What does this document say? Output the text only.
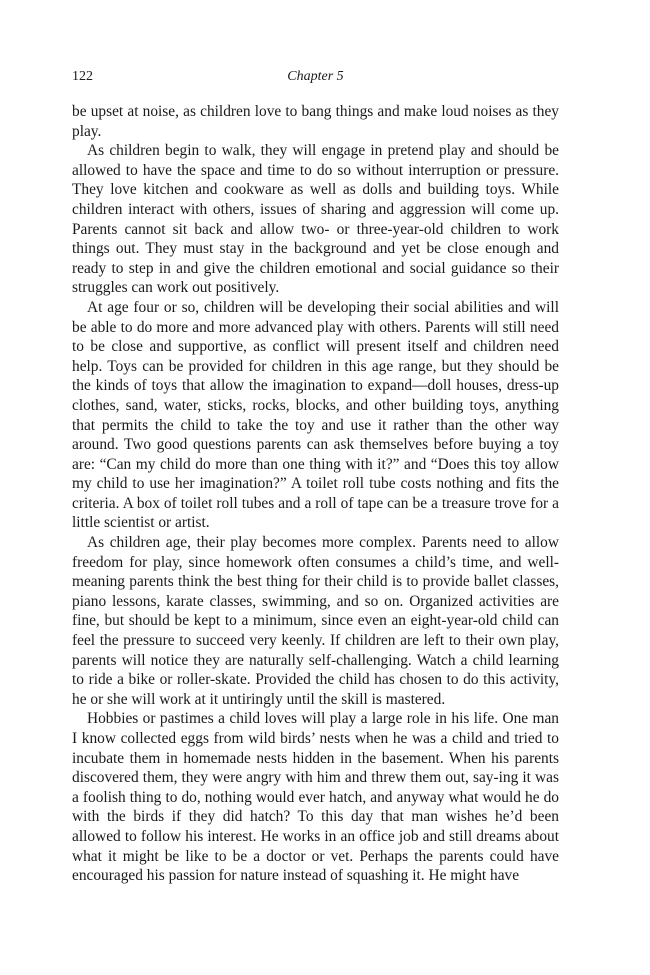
122	Chapter 5

be upset at noise, as children love to bang things and make loud noises as they play.

As children begin to walk, they will engage in pretend play and should be allowed to have the space and time to do so without interruption or pressure. They love kitchen and cookware as well as dolls and building toys. While children interact with others, issues of sharing and aggression will come up. Parents cannot sit back and allow two- or three-year-old children to work things out. They must stay in the background and yet be close enough and ready to step in and give the children emotional and social guidance so their struggles can work out positively.

At age four or so, children will be developing their social abilities and will be able to do more and more advanced play with others. Parents will still need to be close and supportive, as conflict will present itself and children need help. Toys can be provided for children in this age range, but they should be the kinds of toys that allow the imagination to expand—doll houses, dress-up clothes, sand, water, sticks, rocks, blocks, and other building toys, anything that permits the child to take the toy and use it rather than the other way around. Two good questions parents can ask themselves before buying a toy are: “Can my child do more than one thing with it?” and “Does this toy allow my child to use her imagination?” A toilet roll tube costs nothing and fits the criteria. A box of toilet roll tubes and a roll of tape can be a treasure trove for a little scientist or artist.

As children age, their play becomes more complex. Parents need to allow freedom for play, since homework often consumes a child’s time, and well-meaning parents think the best thing for their child is to provide ballet classes, piano lessons, karate classes, swimming, and so on. Organized activities are fine, but should be kept to a minimum, since even an eight-year-old child can feel the pressure to succeed very keenly. If children are left to their own play, parents will notice they are naturally self-challenging. Watch a child learning to ride a bike or roller-skate. Provided the child has chosen to do this activity, he or she will work at it untiringly until the skill is mastered.

Hobbies or pastimes a child loves will play a large role in his life. One man I know collected eggs from wild birds’ nests when he was a child and tried to incubate them in homemade nests hidden in the basement. When his parents discovered them, they were angry with him and threw them out, say-ing it was a foolish thing to do, nothing would ever hatch, and anyway what would he do with the birds if they did hatch? To this day that man wishes he’d been allowed to follow his interest. He works in an office job and still dreams about what it might be like to be a doctor or vet. Perhaps the parents could have encouraged his passion for nature instead of squashing it. He might have
